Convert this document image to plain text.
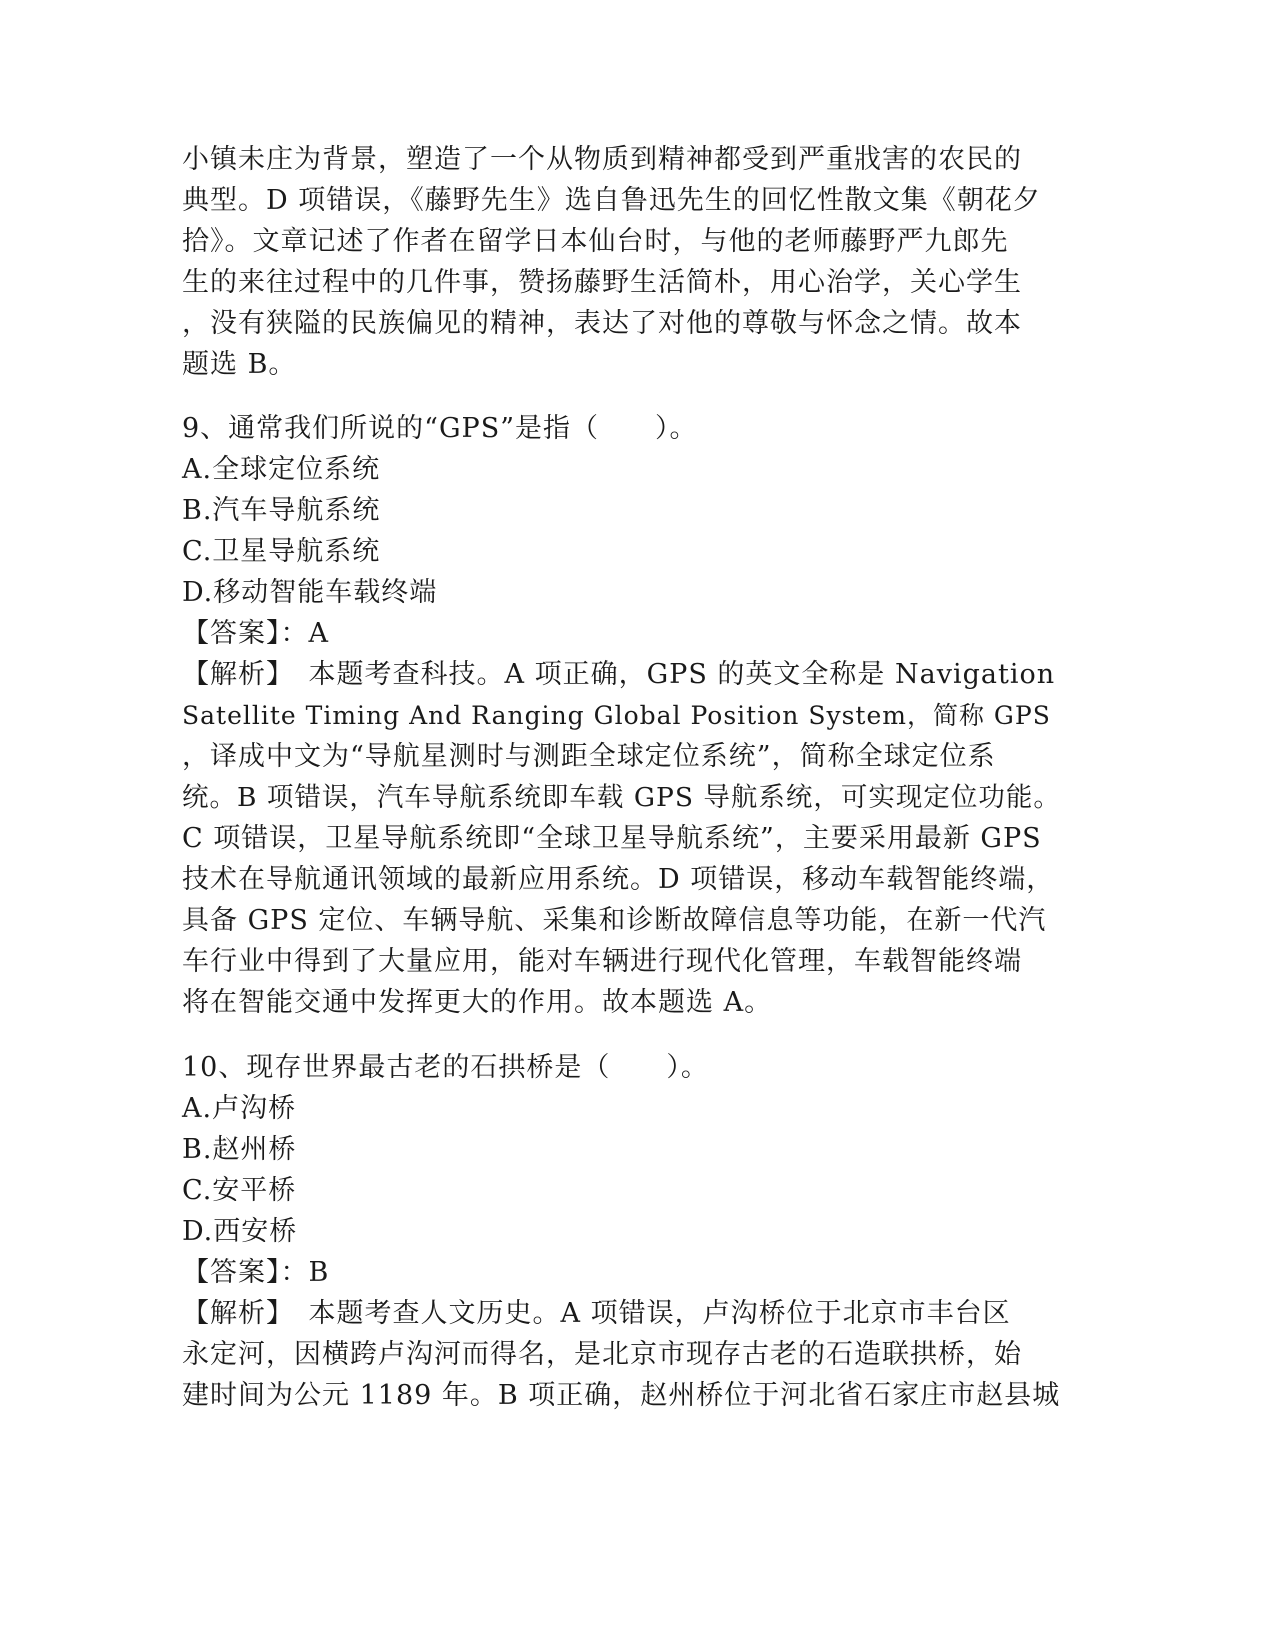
小镇未庄为背景，塑造了一个从物质到精神都受到严重戕害的农民的
典型。D 项错误，《藤野先生》选自鲁迅先生的回忆性散文集《朝花夕
拾》。文章记述了作者在留学日本仙台时，与他的老师藤野严九郎先
生的来往过程中的几件事，赞扬藤野生活简朴，用心治学，关心学生
，没有狭隘的民族偏见的精神，表达了对他的尊敬与怀念之情。故本
题选 B。
9、通常我们所说的“GPS”是指（　　）。
A.全球定位系统
B.汽车导航系统
C.卫星导航系统
D.移动智能车载终端
【答案】：A
【解析】　本题考查科技。A 项正确，GPS 的英文全称是 Navigation
Satellite Timing And Ranging Global Position System，简称 GPS
，译成中文为“导航星测时与测距全球定位系统”，简称全球定位系
统。B 项错误，汽车导航系统即车载 GPS 导航系统，可实现定位功能。
C 项错误，卫星导航系统即“全球卫星导航系统”，主要采用最新 GPS
技术在导航通讯领域的最新应用系统。D 项错误，移动车载智能终端，
具备 GPS 定位、车辆导航、采集和诊断故障信息等功能，在新一代汽
车行业中得到了大量应用，能对车辆进行现代化管理，车载智能终端
将在智能交通中发挥更大的作用。故本题选 A。
10、现存世界最古老的石拱桥是（　　）。
A.卢沟桥
B.赵州桥
C.安平桥
D.西安桥
【答案】：B
【解析】　本题考查人文历史。A 项错误，卢沟桥位于北京市丰台区
永定河，因横跨卢沟河而得名，是北京市现存古老的石造联拱桥，始
建时间为公元 1189 年。B 项正确，赵州桥位于河北省石家庄市赵县城
